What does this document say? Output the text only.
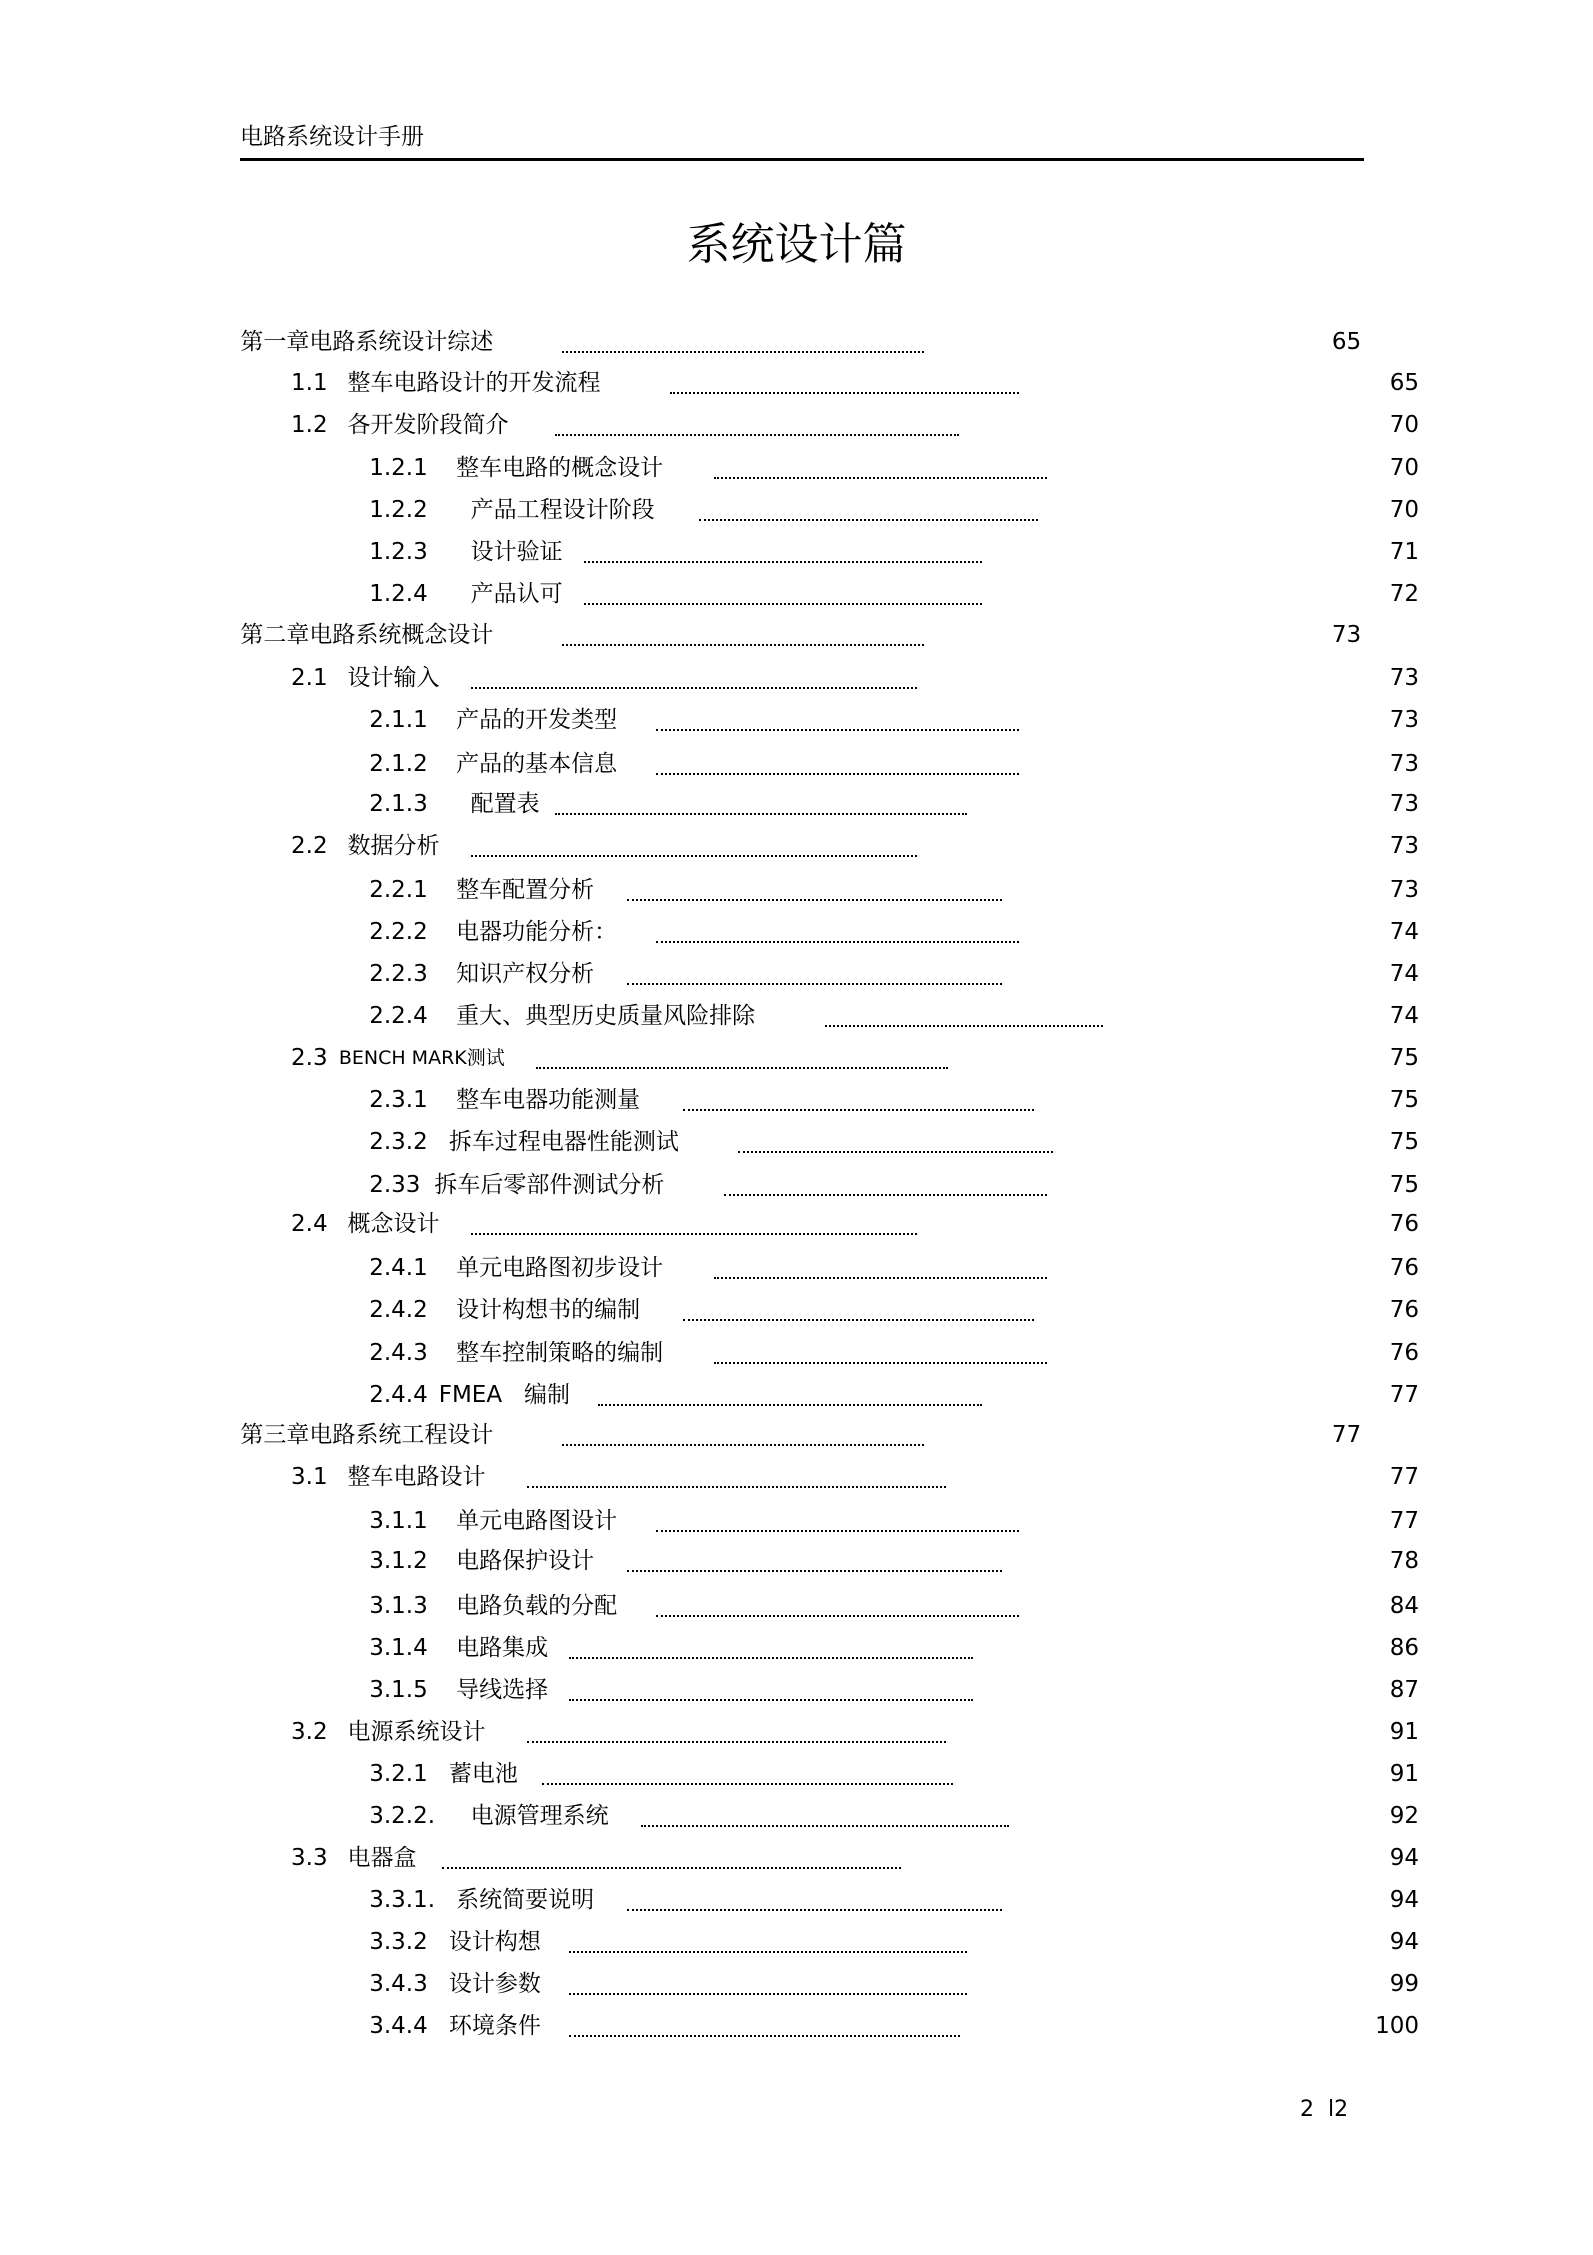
电路系统设计手册
系统设计篇
第一章电路系统设计综述	65
1.1 整车电路设计的开发流程	65
1.2 各开发阶段简介	70
1.2.1 整车电路的概念设计	70
1.2.2 产品工程设计阶段	70
1.2.3 设计验证	71
1.2.4 产品认可	72
第二章电路系统概念设计	73
2.1 设计输入	73
2.1.1 产品的开发类型	73
2.1.2 产品的基本信息	73
2.1.3 配置表	73
2.2 数据分析	73
2.2.1 整车配置分析	73
2.2.2 电器功能分析：	74
2.2.3 知识产权分析	74
2.2.4 重大、典型历史质量风险排除	74
2.3 BENCH MARK测试	75
2.3.1 整车电器功能测量	75
2.3.2 拆车过程电器性能测试	75
2.33 拆车后零部件测试分析	75
2.4 概念设计	76
2.4.1 单元电路图初步设计	76
2.4.2 设计构想书的编制	76
2.4.3 整车控制策略的编制	76
2.4.4 FMEA   编制	77
第三章电路系统工程设计	77
3.1 整车电路设计	77
3.1.1 单元电路图设计	77
3.1.2 电路保护设计	78
3.1.3 电路负载的分配	84
3.1.4 电路集成	86
3.1.5 导线选择	87
3.2 电源系统设计	91
3.2.1 蓄电池	91
3.2.2. 电源管理系统	92
3.3 电器盒	94
3.3.1. 系统简要说明	94
3.3.2 设计构想	94
3.4.3 设计参数	99
3.4.4 环境条件	100
2  l2
